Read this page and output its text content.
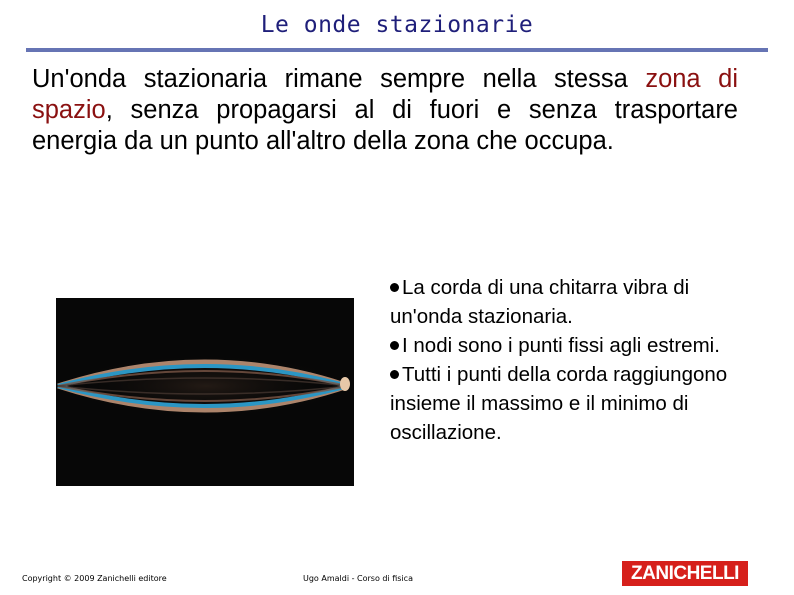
Le onde stazionarie
Un'onda stazionaria rimane sempre nella stessa zona di spazio, senza propagarsi al di fuori e senza trasportare energia da un punto all'altro della zona che occupa.

La corda di una chitarra vibra di un'onda stazionaria.

I nodi sono i punti fissi agli estremi.

Tutti i punti della corda raggiungono insieme il massimo e il minimo di oscillazione.

Copyright © 2009 Zanichelli editore	Ugo Amaldi - Corso di fisica	ZANICHELLI
